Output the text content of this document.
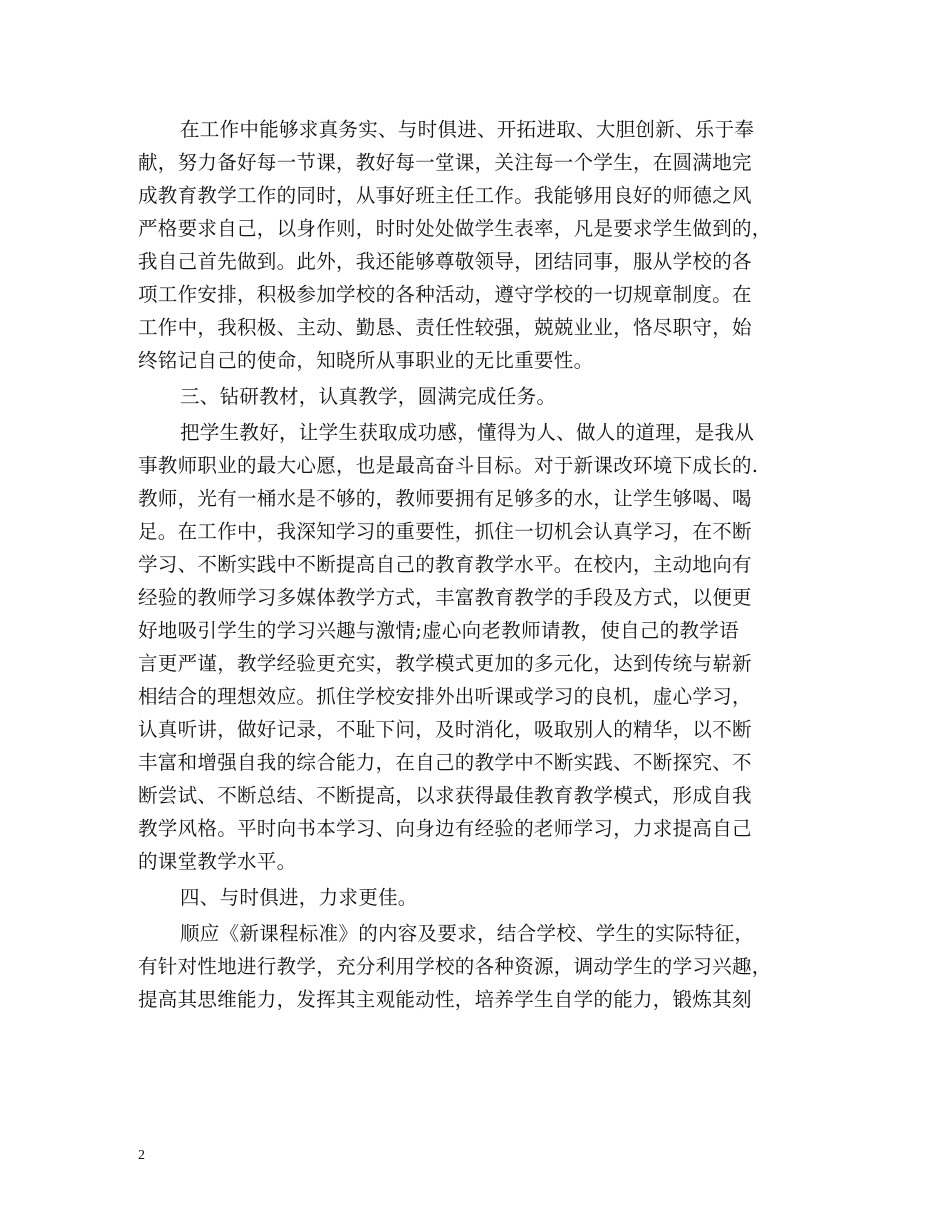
在工作中能够求真务实、与时俱进、开拓进取、大胆创新、乐于奉
献，努力备好每一节课，教好每一堂课，关注每一个学生，在圆满地完
成教育教学工作的同时，从事好班主任工作。我能够用良好的师德之风
严格要求自己，以身作则，时时处处做学生表率，凡是要求学生做到的，
我自己首先做到。此外，我还能够尊敬领导，团结同事，服从学校的各
项工作安排，积极参加学校的各种活动，遵守学校的一切规章制度。在
工作中，我积极、主动、勤恳、责任性较强，兢兢业业，恪尽职守，始
终铭记自己的使命，知晓所从事职业的无比重要性。
三、钻研教材，认真教学，圆满完成任务。
把学生教好，让学生获取成功感，懂得为人、做人的道理，是我从
事教师职业的最大心愿，也是最高奋斗目标。对于新课改环境下成长的.
教师，光有一桶水是不够的，教师要拥有足够多的水，让学生够喝、喝
足。在工作中，我深知学习的重要性，抓住一切机会认真学习，在不断
学习、不断实践中不断提高自己的教育教学水平。在校内，主动地向有
经验的教师学习多媒体教学方式，丰富教育教学的手段及方式，以便更
好地吸引学生的学习兴趣与激情;虚心向老教师请教，使自己的教学语
言更严谨，教学经验更充实，教学模式更加的多元化，达到传统与崭新
相结合的理想效应。抓住学校安排外出听课或学习的良机，虚心学习，
认真听讲，做好记录，不耻下问，及时消化，吸取别人的精华，以不断
丰富和增强自我的综合能力，在自己的教学中不断实践、不断探究、不
断尝试、不断总结、不断提高，以求获得最佳教育教学模式，形成自我
教学风格。平时向书本学习、向身边有经验的老师学习，力求提高自己
的课堂教学水平。
四、与时俱进，力求更佳。
顺应《新课程标准》的内容及要求，结合学校、学生的实际特征，
有针对性地进行教学，充分利用学校的各种资源，调动学生的学习兴趣，
提高其思维能力，发挥其主观能动性，培养学生自学的能力，锻炼其刻
2
